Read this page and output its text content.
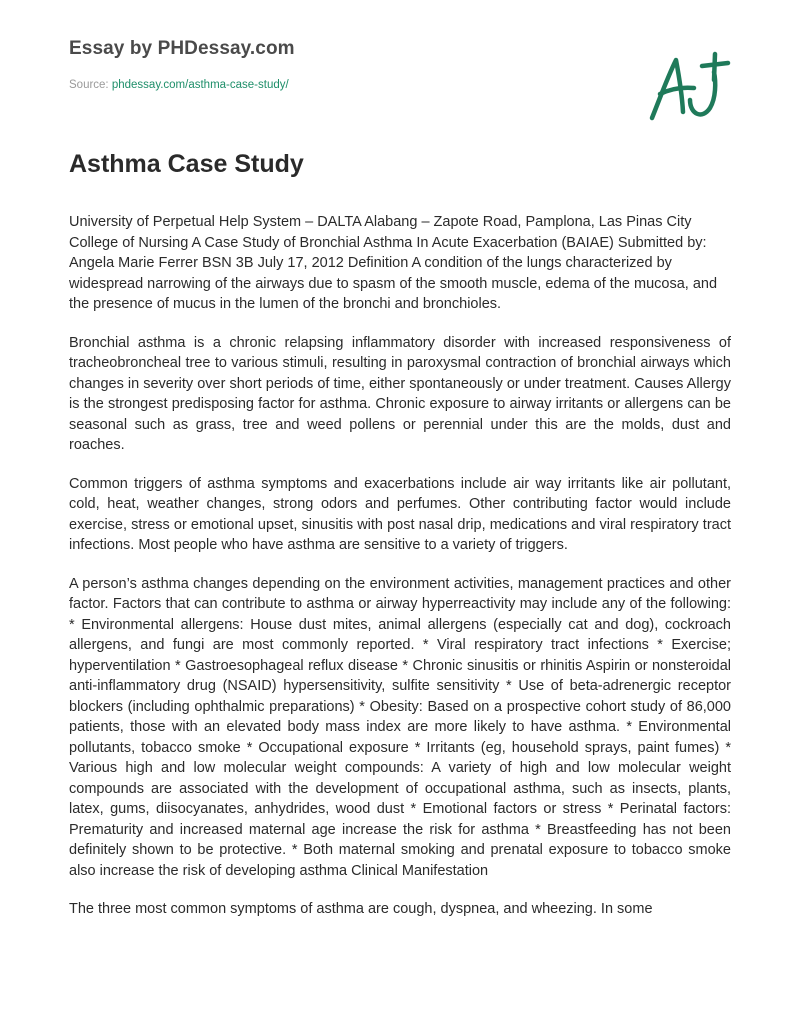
Essay by PHDessay.com
Source: phdessay.com/asthma-case-study/
Asthma Case Study

University of Perpetual Help System – DALTA Alabang – Zapote Road, Pamplona, Las Pinas City College of Nursing A Case Study of Bronchial Asthma In Acute Exacerbation (BAIAE) Submitted by: Angela Marie Ferrer BSN 3B July 17, 2012 Definition A condition of the lungs characterized by widespread narrowing of the airways due to spasm of the smooth muscle, edema of the mucosa, and the presence of mucus in the lumen of the bronchi and bronchioles.

Bronchial asthma is a chronic relapsing inflammatory disorder with increased responsiveness of tracheobroncheal tree to various stimuli, resulting in paroxysmal contraction of bronchial airways which changes in severity over short periods of time, either spontaneously or under treatment. Causes Allergy is the strongest predisposing factor for asthma. Chronic exposure to airway irritants or allergens can be seasonal such as grass, tree and weed pollens or perennial under this are the molds, dust and roaches.

Common triggers of asthma symptoms and exacerbations include air way irritants like air pollutant, cold, heat, weather changes, strong odors and perfumes. Other contributing factor would include exercise, stress or emotional upset, sinusitis with post nasal drip, medications and viral respiratory tract infections. Most people who have asthma are sensitive to a variety of triggers.

A person’s asthma changes depending on the environment activities, management practices and other factor. Factors that can contribute to asthma or airway hyperreactivity may include any of the following: * Environmental allergens: House dust mites, animal allergens (especially cat and dog), cockroach allergens, and fungi are most commonly reported. * Viral respiratory tract infections * Exercise; hyperventilation * Gastroesophageal reflux disease * Chronic sinusitis or rhinitis Aspirin or nonsteroidal anti-inflammatory drug (NSAID) hypersensitivity, sulfite sensitivity * Use of beta-adrenergic receptor blockers (including ophthalmic preparations) * Obesity: Based on a prospective cohort study of 86,000 patients, those with an elevated body mass index are more likely to have asthma. * Environmental pollutants, tobacco smoke * Occupational exposure * Irritants (eg, household sprays, paint fumes) * Various high and low molecular weight compounds: A variety of high and low molecular weight compounds are associated with the development of occupational asthma, such as insects, plants, latex, gums, diisocyanates, anhydrides, wood dust * Emotional factors or stress * Perinatal factors: Prematurity and increased maternal age increase the risk for asthma * Breastfeeding has not been definitely shown to be protective. * Both maternal smoking and prenatal exposure to tobacco smoke also increase the risk of developing asthma Clinical Manifestation

The three most common symptoms of asthma are cough, dyspnea, and wheezing. In some
